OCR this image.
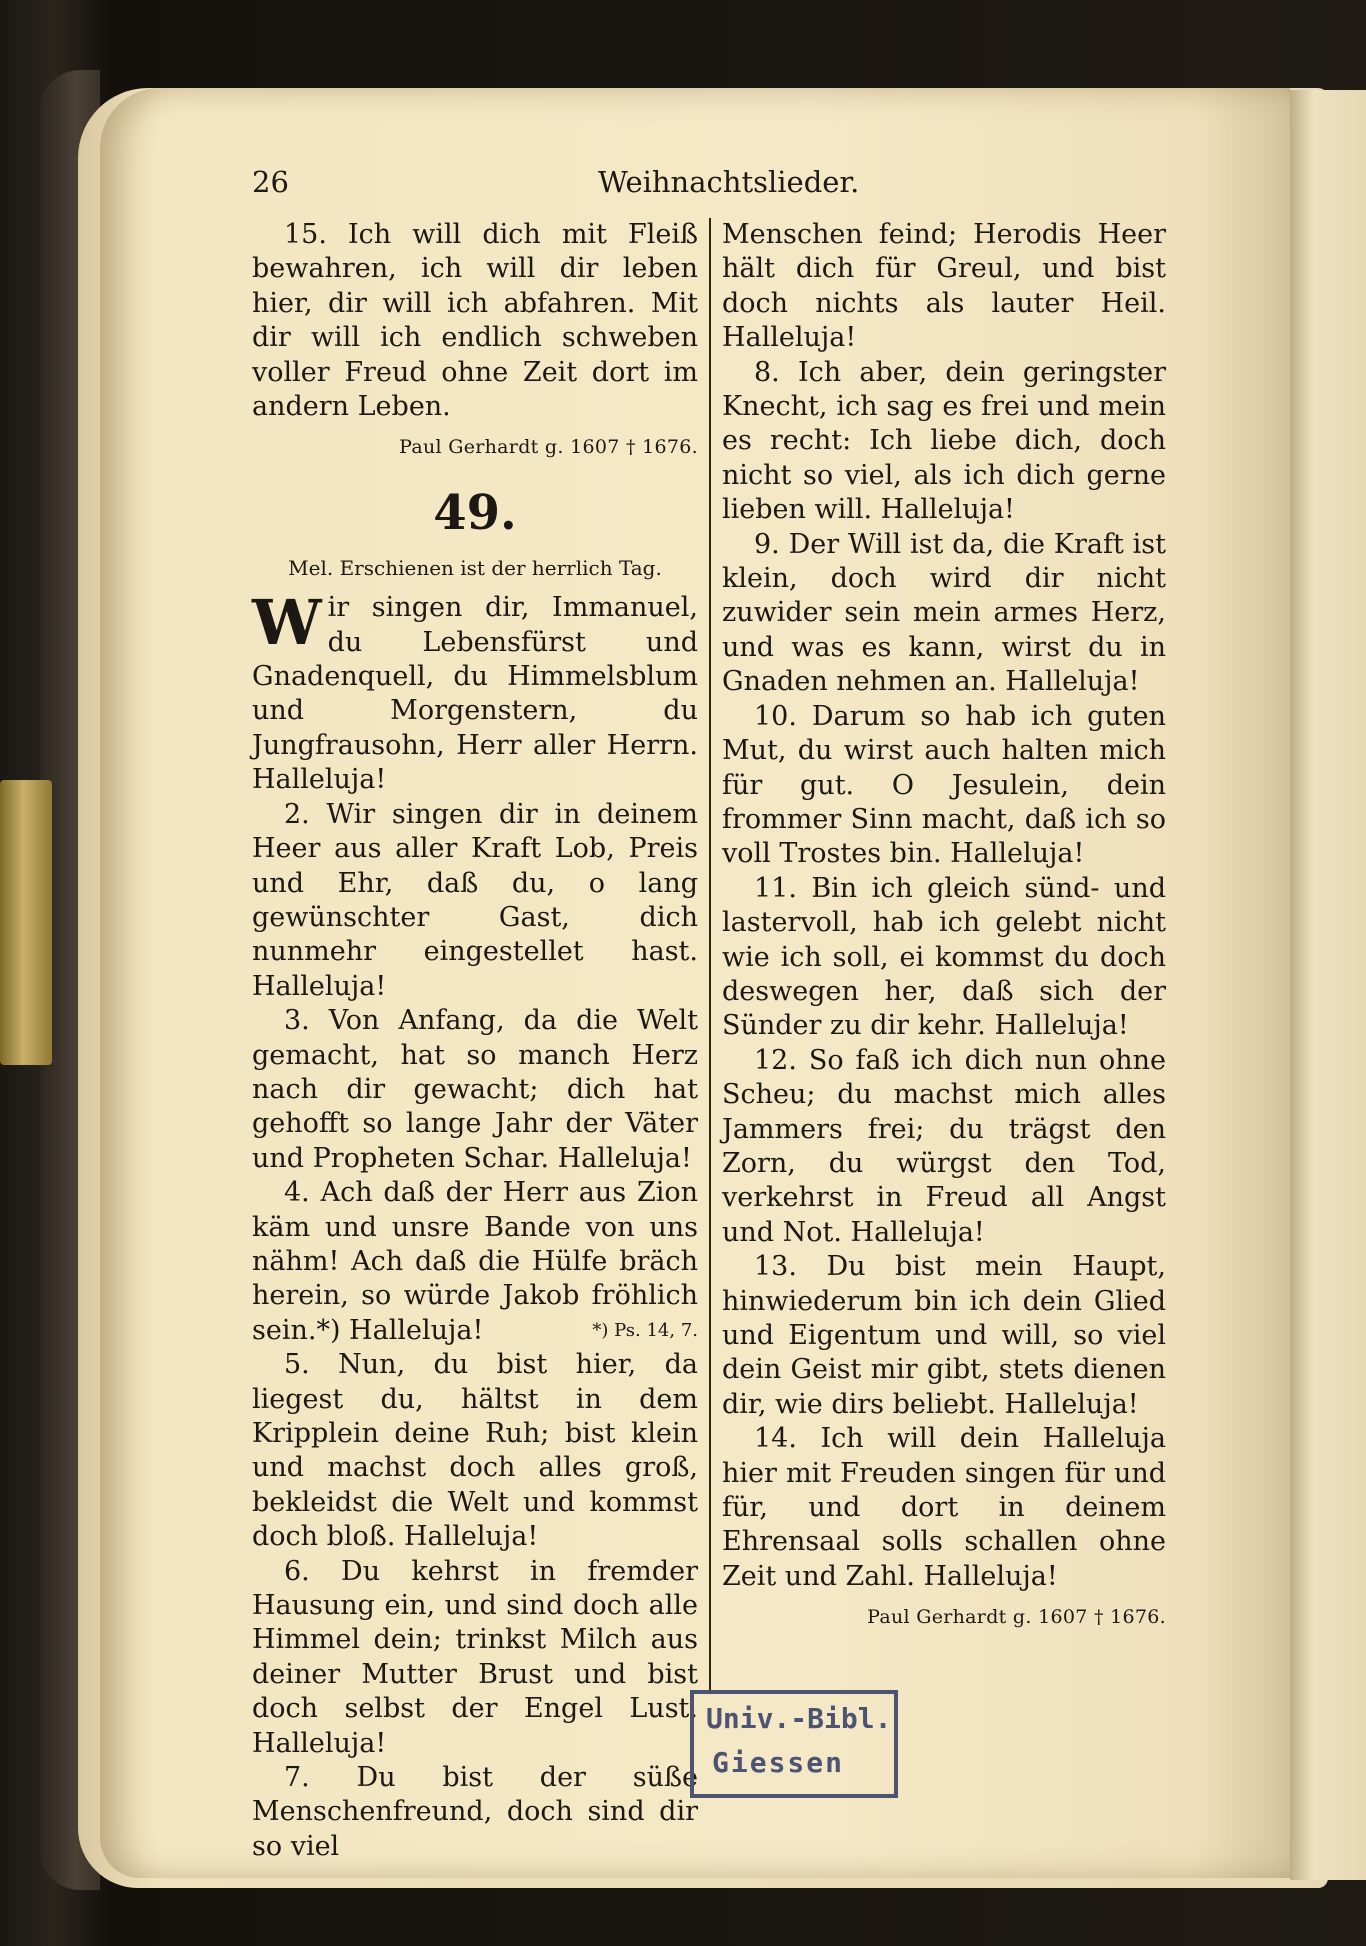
26	Weihnachtslieder.

15. Ich will dich mit Fleiß bewahren, ich will dir leben hier, dir will ich abfahren. Mit dir will ich endlich schweben voller Freud ohne Zeit dort im andern Leben.

Paul Gerhardt g. 1607 † 1676.

49.

Mel. Erschienen ist der herrlich Tag.

Wir singen dir, Immanuel, du Lebensfürst und Gnadenquell, du Himmelsblum und Morgenstern, du Jungfrausohn, Herr aller Herrn. Halleluja!

2. Wir singen dir in deinem Heer aus aller Kraft Lob, Preis und Ehr, daß du, o lang gewünschter Gast, dich nunmehr eingestellet hast. Halleluja!

3. Von Anfang, da die Welt gemacht, hat so manch Herz nach dir gewacht; dich hat gehofft so lange Jahr der Väter und Propheten Schar. Halleluja!

4. Ach daß der Herr aus Zion käm und unsre Bande von uns nähm! Ach daß die Hülfe bräch herein, so würde Jakob fröhlich sein.*) Halleluja!	*) Ps. 14, 7.

5. Nun, du bist hier, da liegest du, hältst in dem Kripplein deine Ruh; bist klein und machst doch alles groß, bekleidst die Welt und kommst doch bloß. Halleluja!

6. Du kehrst in fremder Hausung ein, und sind doch alle Himmel dein; trinkst Milch aus deiner Mutter Brust und bist doch selbst der Engel Lust. Halleluja!

7. Du bist der süße Menschenfreund, doch sind dir so viel

Menschen feind; Herodis Heer hält dich für Greul, und bist doch nichts als lauter Heil. Halleluja!

8. Ich aber, dein geringster Knecht, ich sag es frei und mein es recht: Ich liebe dich, doch nicht so viel, als ich dich gerne lieben will. Halleluja!

9. Der Will ist da, die Kraft ist klein, doch wird dir nicht zuwider sein mein armes Herz, und was es kann, wirst du in Gnaden nehmen an. Halleluja!

10. Darum so hab ich guten Mut, du wirst auch halten mich für gut. O Jesulein, dein frommer Sinn macht, daß ich so voll Trostes bin. Halleluja!

11. Bin ich gleich sünd- und lastervoll, hab ich gelebt nicht wie ich soll, ei kommst du doch deswegen her, daß sich der Sünder zu dir kehr. Halleluja!

12. So faß ich dich nun ohne Scheu; du machst mich alles Jammers frei; du trägst den Zorn, du würgst den Tod, verkehrst in Freud all Angst und Not. Halleluja!

13. Du bist mein Haupt, hinwiederum bin ich dein Glied und Eigentum und will, so viel dein Geist mir gibt, stets dienen dir, wie dirs beliebt. Halleluja!

14. Ich will dein Halleluja hier mit Freuden singen für und für, und dort in deinem Ehrensaal solls schallen ohne Zeit und Zahl. Halleluja!

Paul Gerhardt g. 1607 † 1676.

Univ.-Bibl.
Giessen
